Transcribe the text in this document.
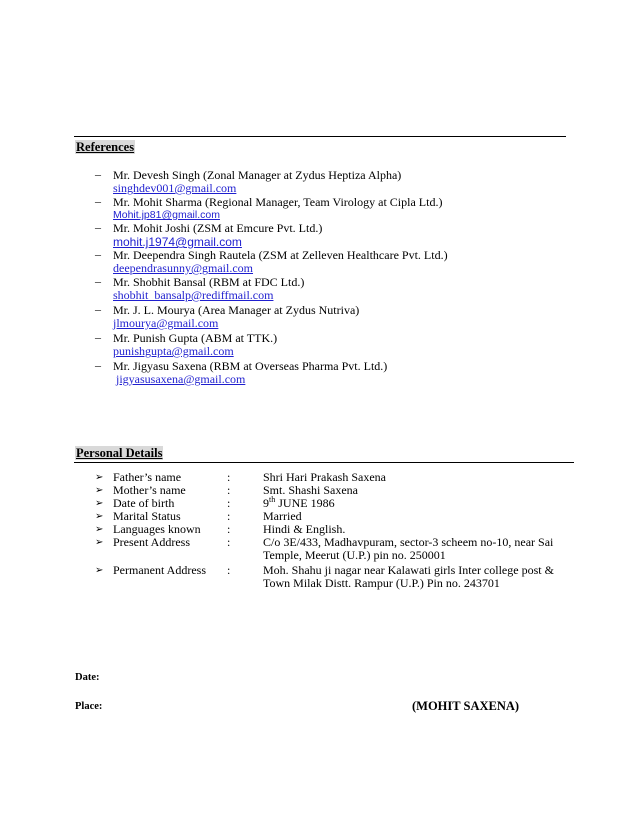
References
–	Mr. Devesh Singh (Zonal Manager at Zydus Heptiza Alpha)
singhdev001@gmail.com
–	Mr. Mohit Sharma (Regional Manager, Team Virology at Cipla Ltd.)
Mohit.jp81@gmail.com
–	Mr. Mohit Joshi (ZSM at Emcure Pvt. Ltd.)
mohit.j1974@gmail.com
–	Mr. Deependra Singh Rautela (ZSM at Zelleven Healthcare Pvt. Ltd.)
deependrasunny@gmail.com
–	Mr. Shobhit Bansal (RBM at FDC Ltd.)
shobhit_bansalp@rediffmail.com
–	Mr. J. L. Mourya (Area Manager at Zydus Nutriva)
jlmourya@gmail.com
–	Mr. Punish Gupta (ABM at TTK.)
punishgupta@gmail.com
–	Mr. Jigyasu Saxena (RBM at Overseas Pharma Pvt. Ltd.)
jigyasusaxena@gmail.com
Personal Details
➢ Father’s name	:	Shri Hari Prakash Saxena
➢ Mother’s name	:	Smt. Shashi Saxena
➢ Date of birth	:	9th JUNE 1986
➢ Marital Status	:	Married
➢ Languages known :	Hindi & English.
➢ Present Address	:	C/o 3E/433, Madhavpuram, sector-3 scheem no-10, near Sai Temple, Meerut (U.P.) pin no. 250001
➢ Permanent Address :	Moh. Shahu ji nagar near Kalawati girls Inter college post & Town Milak Distt. Rampur (U.P.) Pin no. 243701
Date:
Place:	(MOHIT SAXENA)
